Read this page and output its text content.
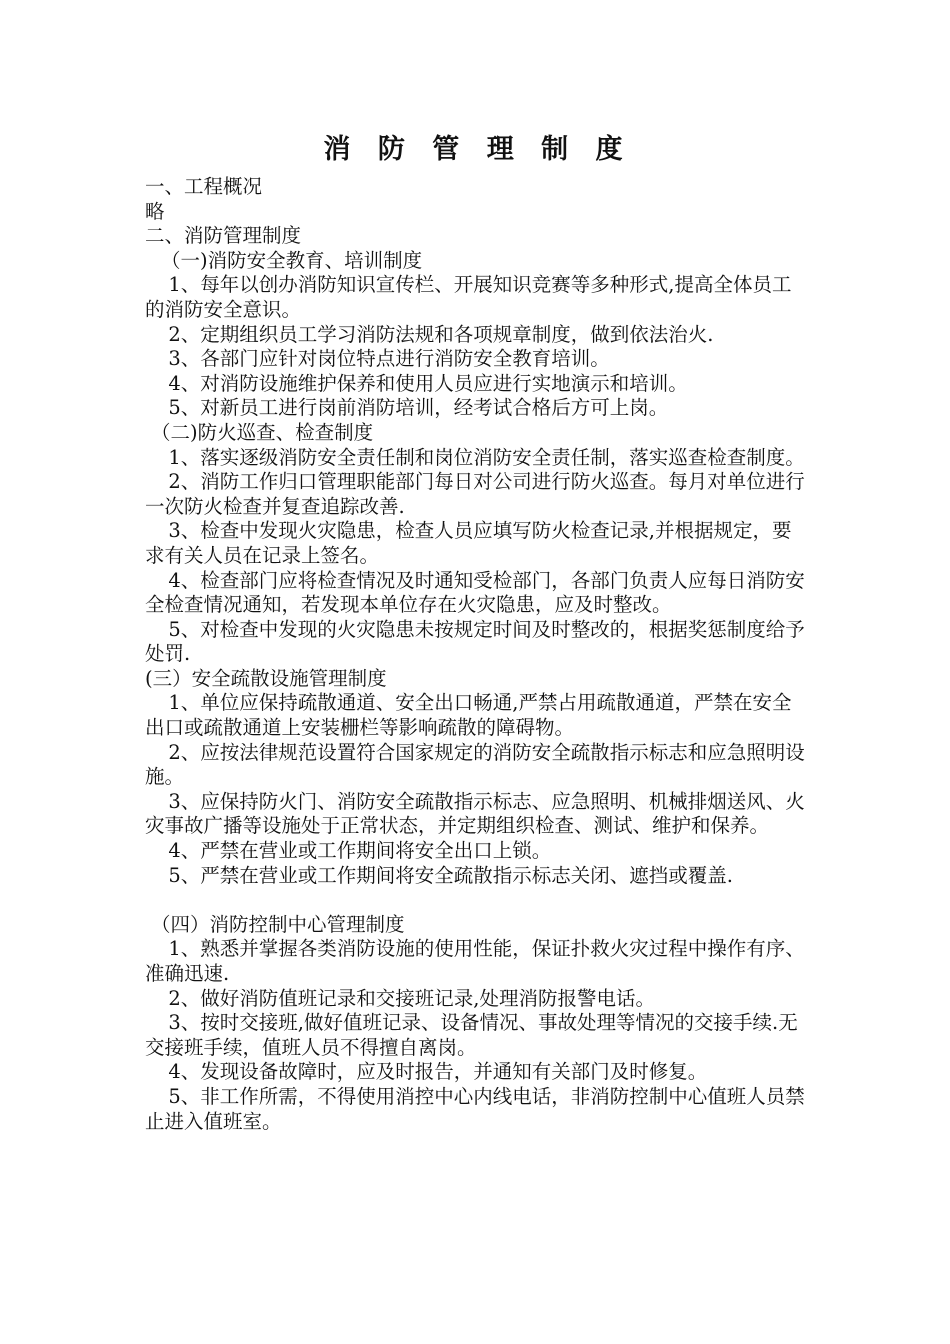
消 防 管 理 制 度
一、工程概况
略
二、消防管理制度
（一)消防安全教育、培训制度
1、每年以创办消防知识宣传栏、开展知识竞赛等多种形式,提高全体员工的消防安全意识。
2、定期组织员工学习消防法规和各项规章制度，做到依法治火.
3、各部门应针对岗位特点进行消防安全教育培训。
4、对消防设施维护保养和使用人员应进行实地演示和培训。
5、对新员工进行岗前消防培训，经考试合格后方可上岗。
（二)防火巡查、检查制度
1、落实逐级消防安全责任制和岗位消防安全责任制，落实巡查检查制度。
2、消防工作归口管理职能部门每日对公司进行防火巡查。每月对单位进行一次防火检查并复查追踪改善.
3、检查中发现火灾隐患，检查人员应填写防火检查记录,并根据规定，要求有关人员在记录上签名。
4、检查部门应将检查情况及时通知受检部门，各部门负责人应每日消防安全检查情况通知，若发现本单位存在火灾隐患，应及时整改。
5、对检查中发现的火灾隐患未按规定时间及时整改的，根据奖惩制度给予处罚.
(三）安全疏散设施管理制度
1、单位应保持疏散通道、安全出口畅通,严禁占用疏散通道，严禁在安全出口或疏散通道上安装栅栏等影响疏散的障碍物。
2、应按法律规范设置符合国家规定的消防安全疏散指示标志和应急照明设施。
3、应保持防火门、消防安全疏散指示标志、应急照明、机械排烟送风、火灾事故广播等设施处于正常状态，并定期组织检查、测试、维护和保养。
4、严禁在营业或工作期间将安全出口上锁。
5、严禁在营业或工作期间将安全疏散指示标志关闭、遮挡或覆盖.
（四）消防控制中心管理制度
1、熟悉并掌握各类消防设施的使用性能，保证扑救火灾过程中操作有序、准确迅速.
2、做好消防值班记录和交接班记录,处理消防报警电话。
3、按时交接班,做好值班记录、设备情况、事故处理等情况的交接手续.无交接班手续，值班人员不得擅自离岗。
4、发现设备故障时，应及时报告，并通知有关部门及时修复。
5、非工作所需，不得使用消控中心内线电话，非消防控制中心值班人员禁止进入值班室。
